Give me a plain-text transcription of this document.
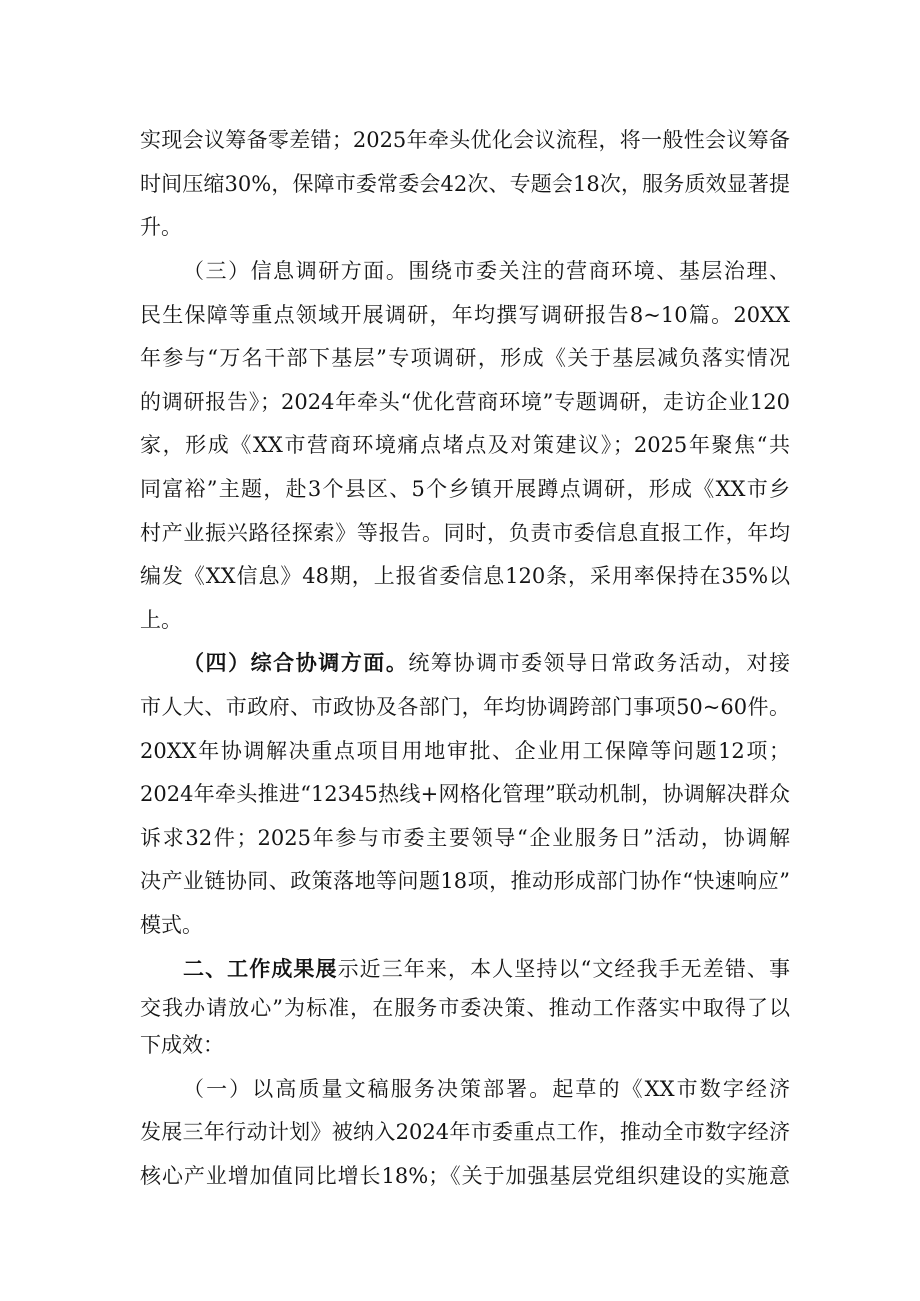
实现会议筹备零差错；2025年牵头优化会议流程，将一般性会议筹备
时间压缩30%，保障市委常委会42次、专题会18次，服务质效显著提
升。
（三）信息调研方面。围绕市委关注的营商环境、基层治理、
民生保障等重点领域开展调研，年均撰写调研报告8~10篇。20XX
年参与“万名干部下基层”专项调研，形成《关于基层减负落实情况
的调研报告》；2024年牵头“优化营商环境”专题调研，走访企业120
家，形成《XX市营商环境痛点堵点及对策建议》；2025年聚焦“共
同富裕”主题，赴3个县区、5个乡镇开展蹲点调研，形成《XX市乡
村产业振兴路径探索》等报告。同时，负责市委信息直报工作，年均
编发《XX信息》48期，上报省委信息120条，采用率保持在35%以
上。
（四）综合协调方面。统筹协调市委领导日常政务活动，对接
市人大、市政府、市政协及各部门，年均协调跨部门事项50~60件。
20XX年协调解决重点项目用地审批、企业用工保障等问题12项；
2024年牵头推进“12345热线+网格化管理”联动机制，协调解决群众
诉求32件；2025年参与市委主要领导“企业服务日”活动，协调解
决产业链协同、政策落地等问题18项，推动形成部门协作“快速响应”
模式。
二、工作成果展示近三年来，本人坚持以“文经我手无差错、事
交我办请放心”为标准，在服务市委决策、推动工作落实中取得了以
下成效：
（一）以高质量文稿服务决策部署。起草的《XX市数字经济
发展三年行动计划》被纳入2024年市委重点工作，推动全市数字经济
核心产业增加值同比增长18%；《关于加强基层党组织建设的实施意
